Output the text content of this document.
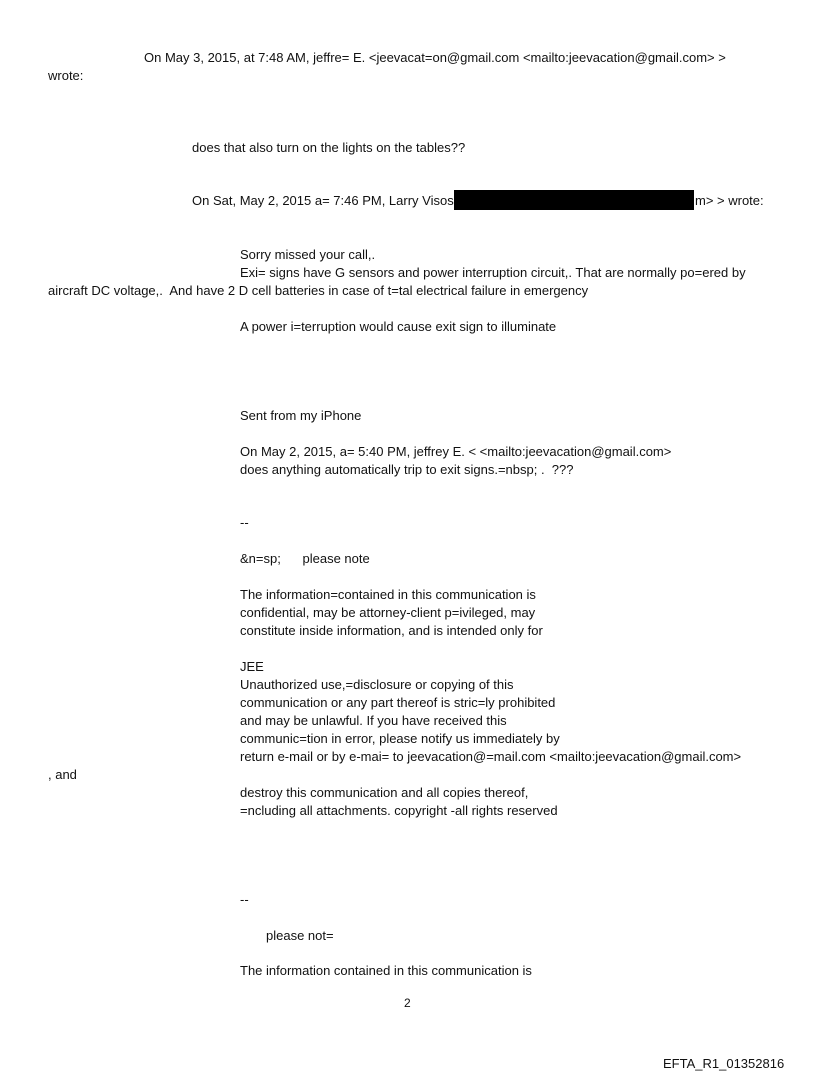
On May 3, 2015, at 7:48 AM, jeffre= E. <jeevacat=on@gmail.com <mailto:jeevacation@gmail.com> >
wrote:
does that also turn on the lights on the tables??
On Sat, May 2, 2015 a= 7:46 PM, Larry Visos	m> > wrote:
Sorry missed your call,.
Exi= signs have G sensors and power interruption circuit,. That are normally po=ered by
aircraft DC voltage,.  And have 2 D cell batteries in case of t=tal electrical failure in emergency
A power i=terruption would cause exit sign to illuminate
Sent from my iPhone
On May 2, 2015, a= 5:40 PM, jeffrey E. < <mailto:jeevacation@gmail.com>
does anything automatically trip to exit signs.=nbsp; .  ???
--
&n=sp;      please note
The information=contained in this communication is
confidential, may be attorney-client p=ivileged, may
constitute inside information, and is intended only for
JEE
Unauthorized use,=disclosure or copying of this
communication or any part thereof is stric=ly prohibited
and may be unlawful. If you have received this
communic=tion in error, please notify us immediately by
return e-mail or by e-mai= to jeevacation@=mail.com <mailto:jeevacation@gmail.com>
, and
destroy this communication and all copies thereof,
=ncluding all attachments. copyright -all rights reserved
--
please not=
The information contained in this communication is
2
EFTA_R1_01352816
